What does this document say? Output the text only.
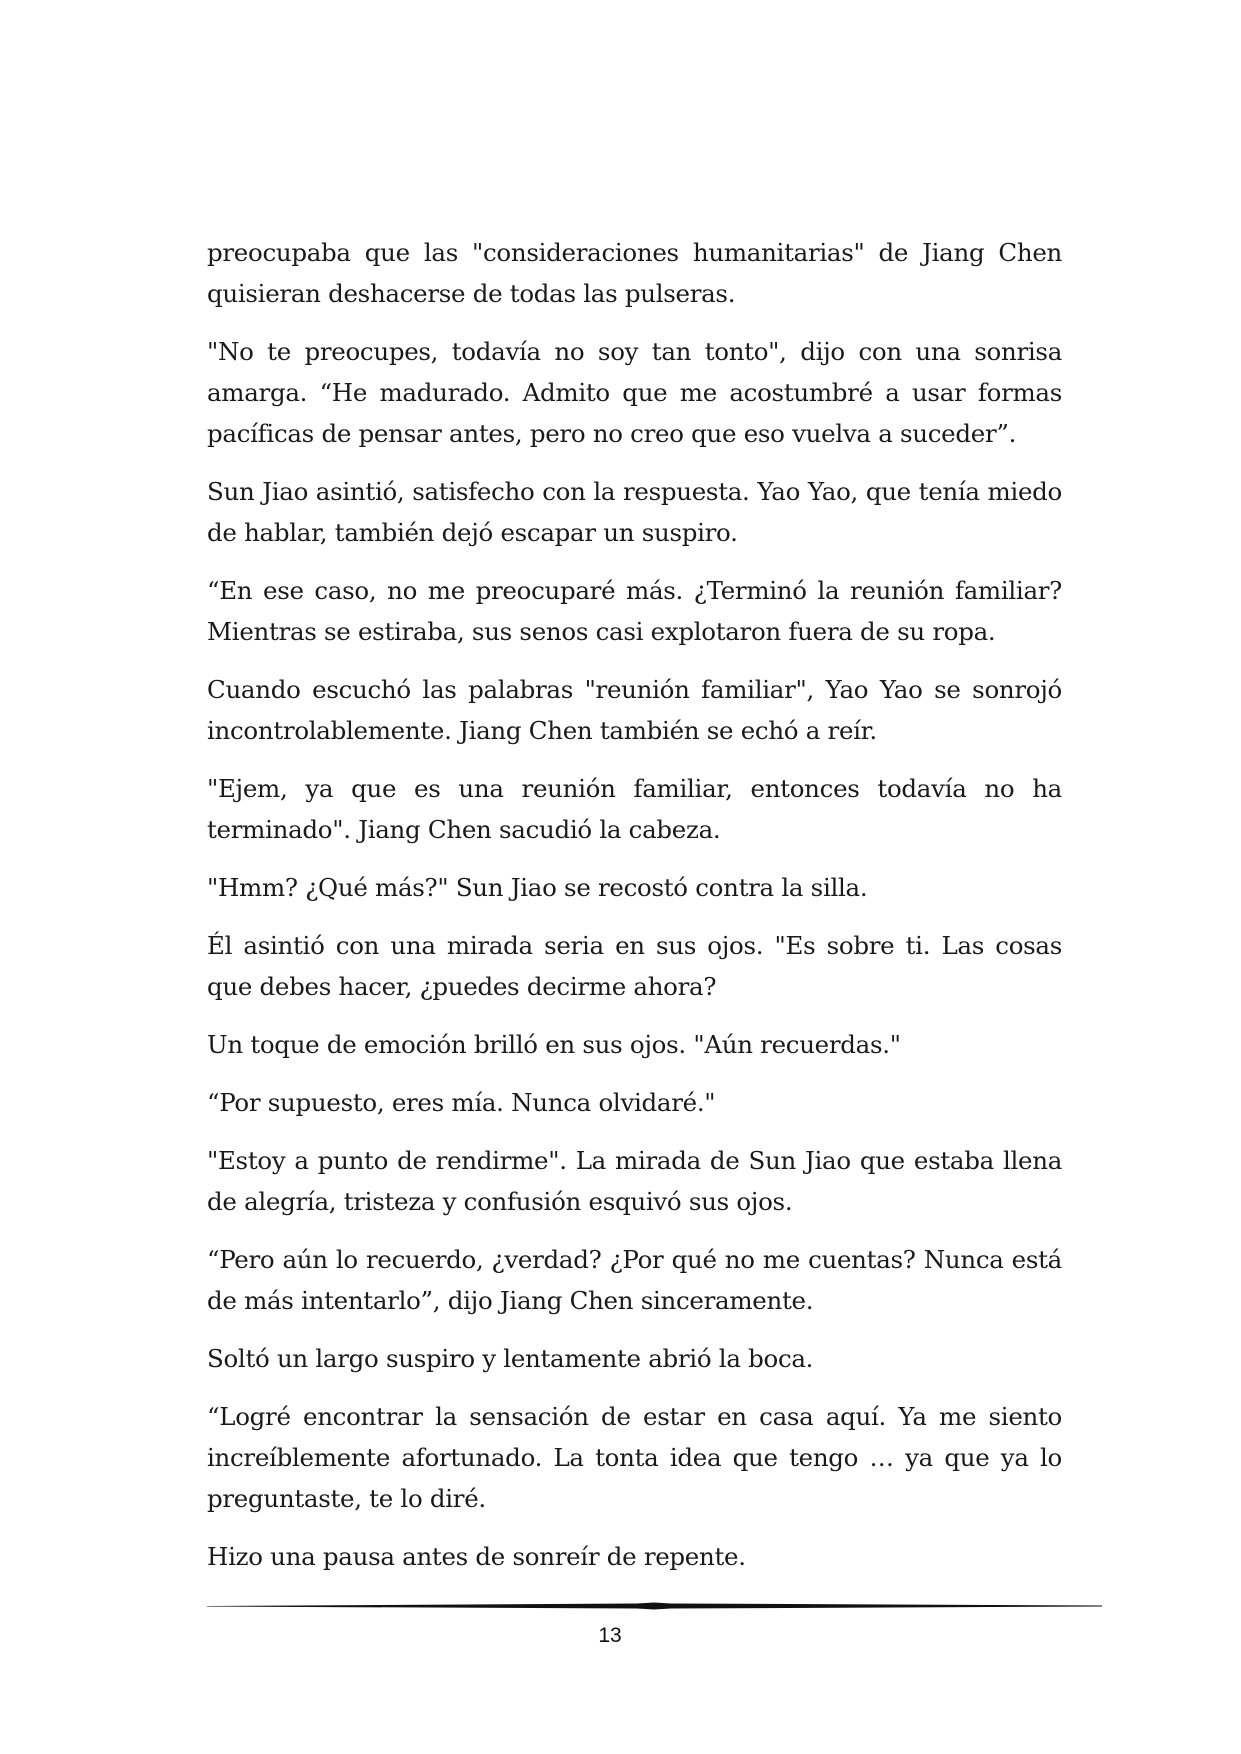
preocupaba que las "consideraciones humanitarias" de Jiang Chen quisieran deshacerse de todas las pulseras.

"No te preocupes, todavía no soy tan tonto", dijo con una sonrisa amarga. “He madurado. Admito que me acostumbré a usar formas pacíficas de pensar antes, pero no creo que eso vuelva a suceder”.

Sun Jiao asintió, satisfecho con la respuesta. Yao Yao, que tenía miedo de hablar, también dejó escapar un suspiro.

“En ese caso, no me preocuparé más. ¿Terminó la reunión familiar? Mientras se estiraba, sus senos casi explotaron fuera de su ropa.

Cuando escuchó las palabras "reunión familiar", Yao Yao se sonrojó incontrolablemente. Jiang Chen también se echó a reír.

"Ejem, ya que es una reunión familiar, entonces todavía no ha terminado". Jiang Chen sacudió la cabeza.

"Hmm? ¿Qué más?" Sun Jiao se recostó contra la silla.

Él asintió con una mirada seria en sus ojos. "Es sobre ti. Las cosas que debes hacer, ¿puedes decirme ahora?

Un toque de emoción brilló en sus ojos. "Aún recuerdas."

“Por supuesto, eres mía. Nunca olvidaré."

"Estoy a punto de rendirme". La mirada de Sun Jiao que estaba llena de alegría, tristeza y confusión esquivó sus ojos.

“Pero aún lo recuerdo, ¿verdad? ¿Por qué no me cuentas? Nunca está de más intentarlo”, dijo Jiang Chen sinceramente.

Soltó un largo suspiro y lentamente abrió la boca.

“Logré encontrar la sensación de estar en casa aquí. Ya me siento increíblemente afortunado. La tonta idea que tengo … ya que ya lo preguntaste, te lo diré.

Hizo una pausa antes de sonreír de repente.

13
